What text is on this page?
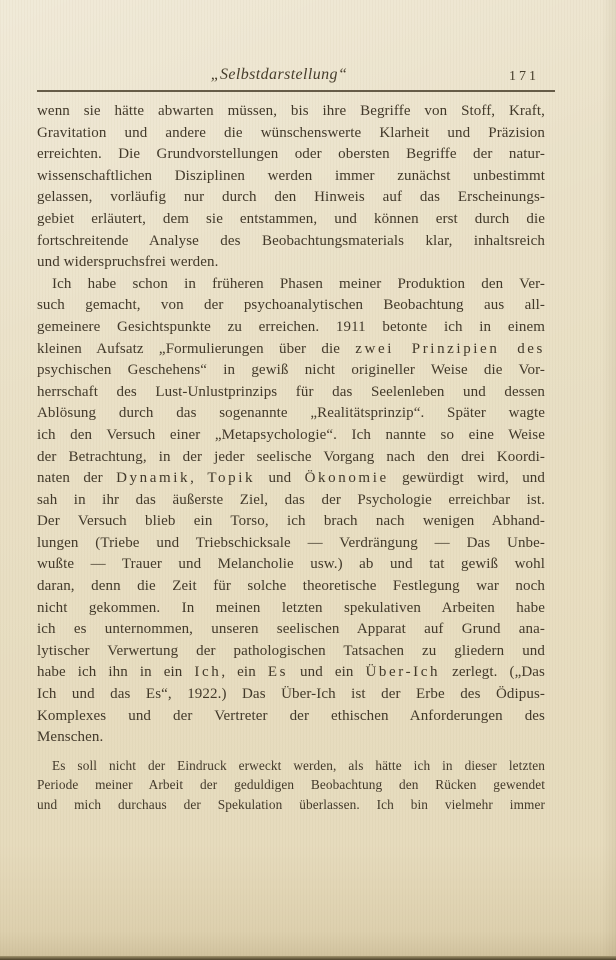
„Selbstdarstellung“	171
wenn sie hätte abwarten müssen, bis ihre Begriffe von Stoff, Kraft,
Gravitation und andere die wünschenswerte Klarheit und Präzision
erreichten. Die Grundvorstellungen oder obersten Begriffe der natur-
wissenschaftlichen Disziplinen werden immer zunächst unbestimmt
gelassen, vorläufig nur durch den Hinweis auf das Erscheinungs-
gebiet erläutert, dem sie entstammen, und können erst durch die
fortschreitende Analyse des Beobachtungsmaterials klar, inhaltsreich
und widerspruchsfrei werden.
Ich habe schon in früheren Phasen meiner Produktion den Ver-
such gemacht, von der psychoanalytischen Beobachtung aus all-
gemeinere Gesichtspunkte zu erreichen. 1911 betonte ich in einem
kleinen Aufsatz „Formulierungen über die zwei Prinzipien des
psychischen Geschehens“ in gewiß nicht origineller Weise die Vor-
herrschaft des Lust-Unlustprinzips für das Seelenleben und dessen
Ablösung durch das sogenannte „Realitätsprinzip“. Später wagte
ich den Versuch einer „Metapsychologie“. Ich nannte so eine Weise
der Betrachtung, in der jeder seelische Vorgang nach den drei Koordi-
naten der Dynamik, Topik und Ökonomie gewürdigt wird, und
sah in ihr das äußerste Ziel, das der Psychologie erreichbar ist.
Der Versuch blieb ein Torso, ich brach nach wenigen Abhand-
lungen (Triebe und Triebschicksale — Verdrängung — Das Unbe-
wußte — Trauer und Melancholie usw.) ab und tat gewiß wohl
daran, denn die Zeit für solche theoretische Festlegung war noch
nicht gekommen. In meinen letzten spekulativen Arbeiten habe
ich es unternommen, unseren seelischen Apparat auf Grund ana-
lytischer Verwertung der pathologischen Tatsachen zu gliedern und
habe ich ihn in ein Ich, ein Es und ein Über-Ich zerlegt. („Das
Ich und das Es“, 1922.) Das Über-Ich ist der Erbe des Ödipus-
Komplexes und der Vertreter der ethischen Anforderungen des
Menschen.
Es soll nicht der Eindruck erweckt werden, als hätte ich in dieser letzten
Periode meiner Arbeit der geduldigen Beobachtung den Rücken gewendet
und mich durchaus der Spekulation überlassen. Ich bin vielmehr immer
